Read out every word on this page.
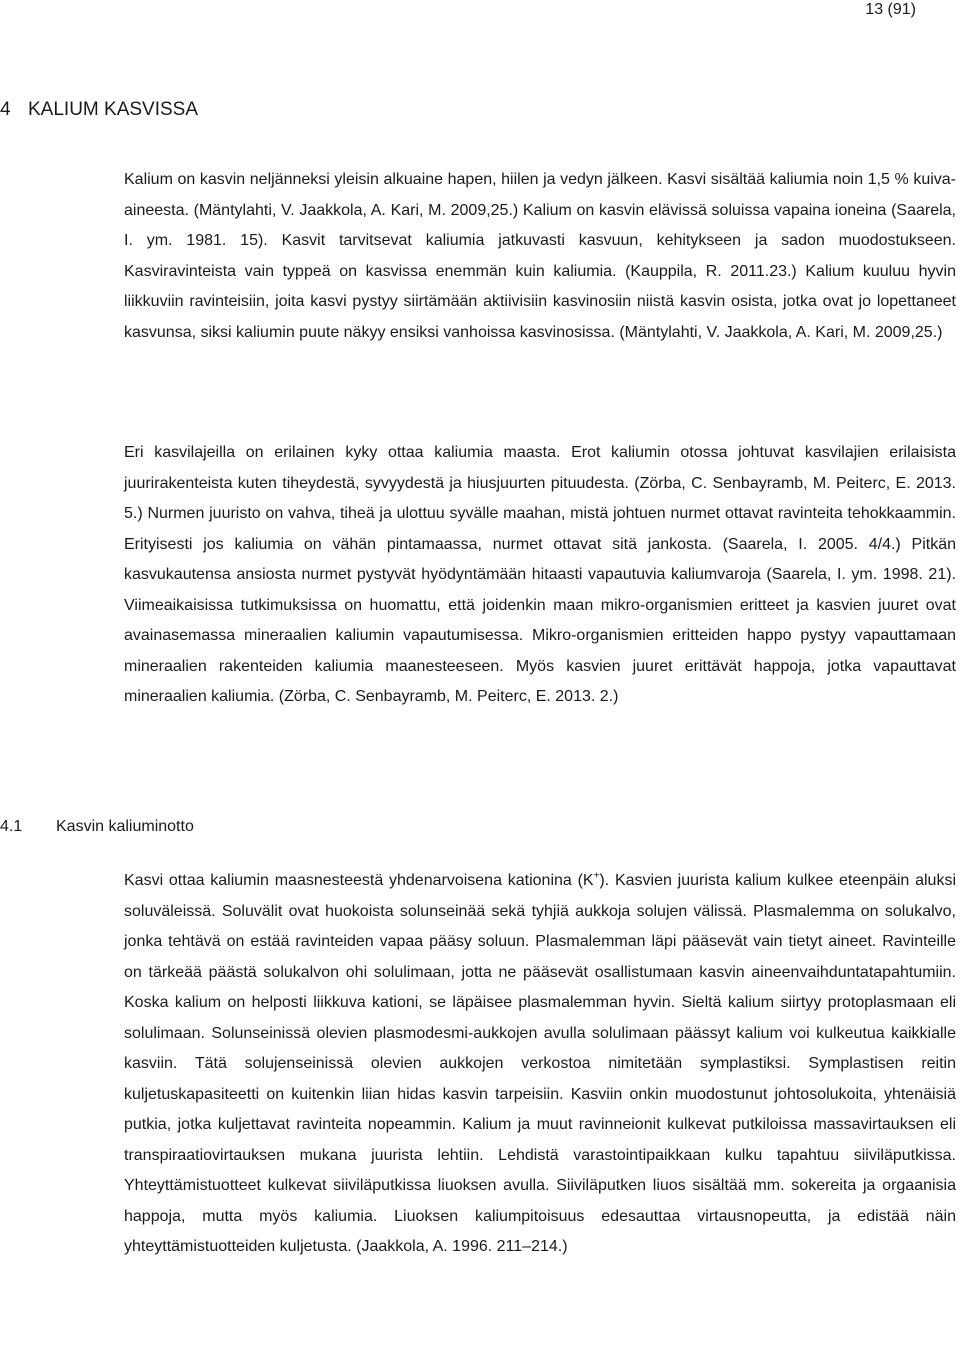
13 (91)
4 KALIUM KASVISSA

Kalium on kasvin neljänneksi yleisin alkuaine hapen, hiilen ja vedyn jälkeen. Kasvi sisältää kaliumia noin 1,5 % kuiva-aineesta. (Mäntylahti, V. Jaakkola, A. Kari, M. 2009,25.) Kalium on kasvin elävissä soluissa vapaina ioneina (Saarela, I. ym. 1981. 15). Kasvit tarvitsevat kaliumia jatkuvasti kasvuun, kehitykseen ja sadon muodostukseen. Kasviravinteista vain typpeä on kasvissa enemmän kuin kaliumia. (Kauppila, R. 2011.23.) Kalium kuuluu hyvin liikkuviin ravinteisiin, joita kasvi pystyy siirtämään aktiivisiin kasvinosiin niistä kasvin osista, jotka ovat jo lopettaneet kasvunsa, siksi kaliumin puute näkyy ensiksi vanhoissa kasvinosissa. (Mäntylahti, V. Jaakkola, A. Kari, M. 2009,25.)

Eri kasvilajeilla on erilainen kyky ottaa kaliumia maasta. Erot kaliumin otossa johtuvat kasvilajien erilaisista juurirakenteista kuten tiheydestä, syvyydestä ja hiusjuurten pituudesta. (Zörba, C. Senbayramb, M. Peiterc, E. 2013. 5.) Nurmen juuristo on vahva, tiheä ja ulottuu syvälle maahan, mistä johtuen nurmet ottavat ravinteita tehokkaammin. Erityisesti jos kaliumia on vähän pintamaassa, nurmet ottavat sitä jankosta. (Saarela, I. 2005. 4/4.) Pitkän kasvukautensa ansiosta nurmet pystyvät hyödyntämään hitaasti vapautuvia kaliumvaroja (Saarela, I. ym. 1998. 21). Viimeaikaisissa tutkimuksissa on huomattu, että joidenkin maan mikro-organismien eritteet ja kasvien juuret ovat avainasemassa mineraalien kaliumin vapautumisessa. Mikro-organismien eritteiden happo pystyy vapauttamaan mineraalien rakenteiden kaliumia maanesteeseen. Myös kasvien juuret erittävät happoja, jotka vapauttavat mineraalien kaliumia. (Zörba, C. Senbayramb, M. Peiterc, E. 2013. 2.)

4.1 Kasvin kaliuminotto

Kasvi ottaa kaliumin maasnesteestä yhdenarvoisena kationina (K+). Kasvien juurista kalium kulkee eteenpäin aluksi soluväleissä. Soluvälit ovat huokoista solunseinää sekä tyhjiä aukkoja solujen välissä. Plasmalemma on solukalvo, jonka tehtävä on estää ravinteiden vapaa pääsy soluun. Plasmalemman läpi pääsevät vain tietyt aineet. Ravinteille on tärkeää päästä solukalvon ohi solulimaan, jotta ne pääsevät osallistumaan kasvin aineenvaihduntatapahtumiin. Koska kalium on helposti liikkuva kationi, se läpäisee plasmalemman hyvin. Sieltä kalium siirtyy protoplasmaan eli solulimaan. Solunseinissä olevien plasmodesmi-aukkojen avulla solulimaan päässyt kalium voi kulkeutua kaikkialle kasviin. Tätä solujenseinissä olevien aukkojen verkostoa nimitetään symplastiksi. Symplastisen reitin kuljetuskapasiteetti on kuitenkin liian hidas kasvin tarpeisiin. Kasviin onkin muodostunut johtosolukoita, yhtenäisiä putkia, jotka kuljettavat ravinteita nopeammin. Kalium ja muut ravinneionit kulkevat putkiloissa massavirtauksen eli transpiraatiovirtauksen mukana juurista lehtiin. Lehdistä varastointipaikkaan kulku tapahtuu siiviläputkissa. Yhteyttämistuotteet kulkevat siiviläputkissa liuoksen avulla. Siiviläputken liuos sisältää mm. sokereita ja orgaanisia happoja, mutta myös kaliumia. Liuoksen kaliumpitoisuus edesauttaa virtausnopeutta, ja edistää näin yhteyttämistuotteiden kuljetusta. (Jaakkola, A. 1996. 211–214.)
